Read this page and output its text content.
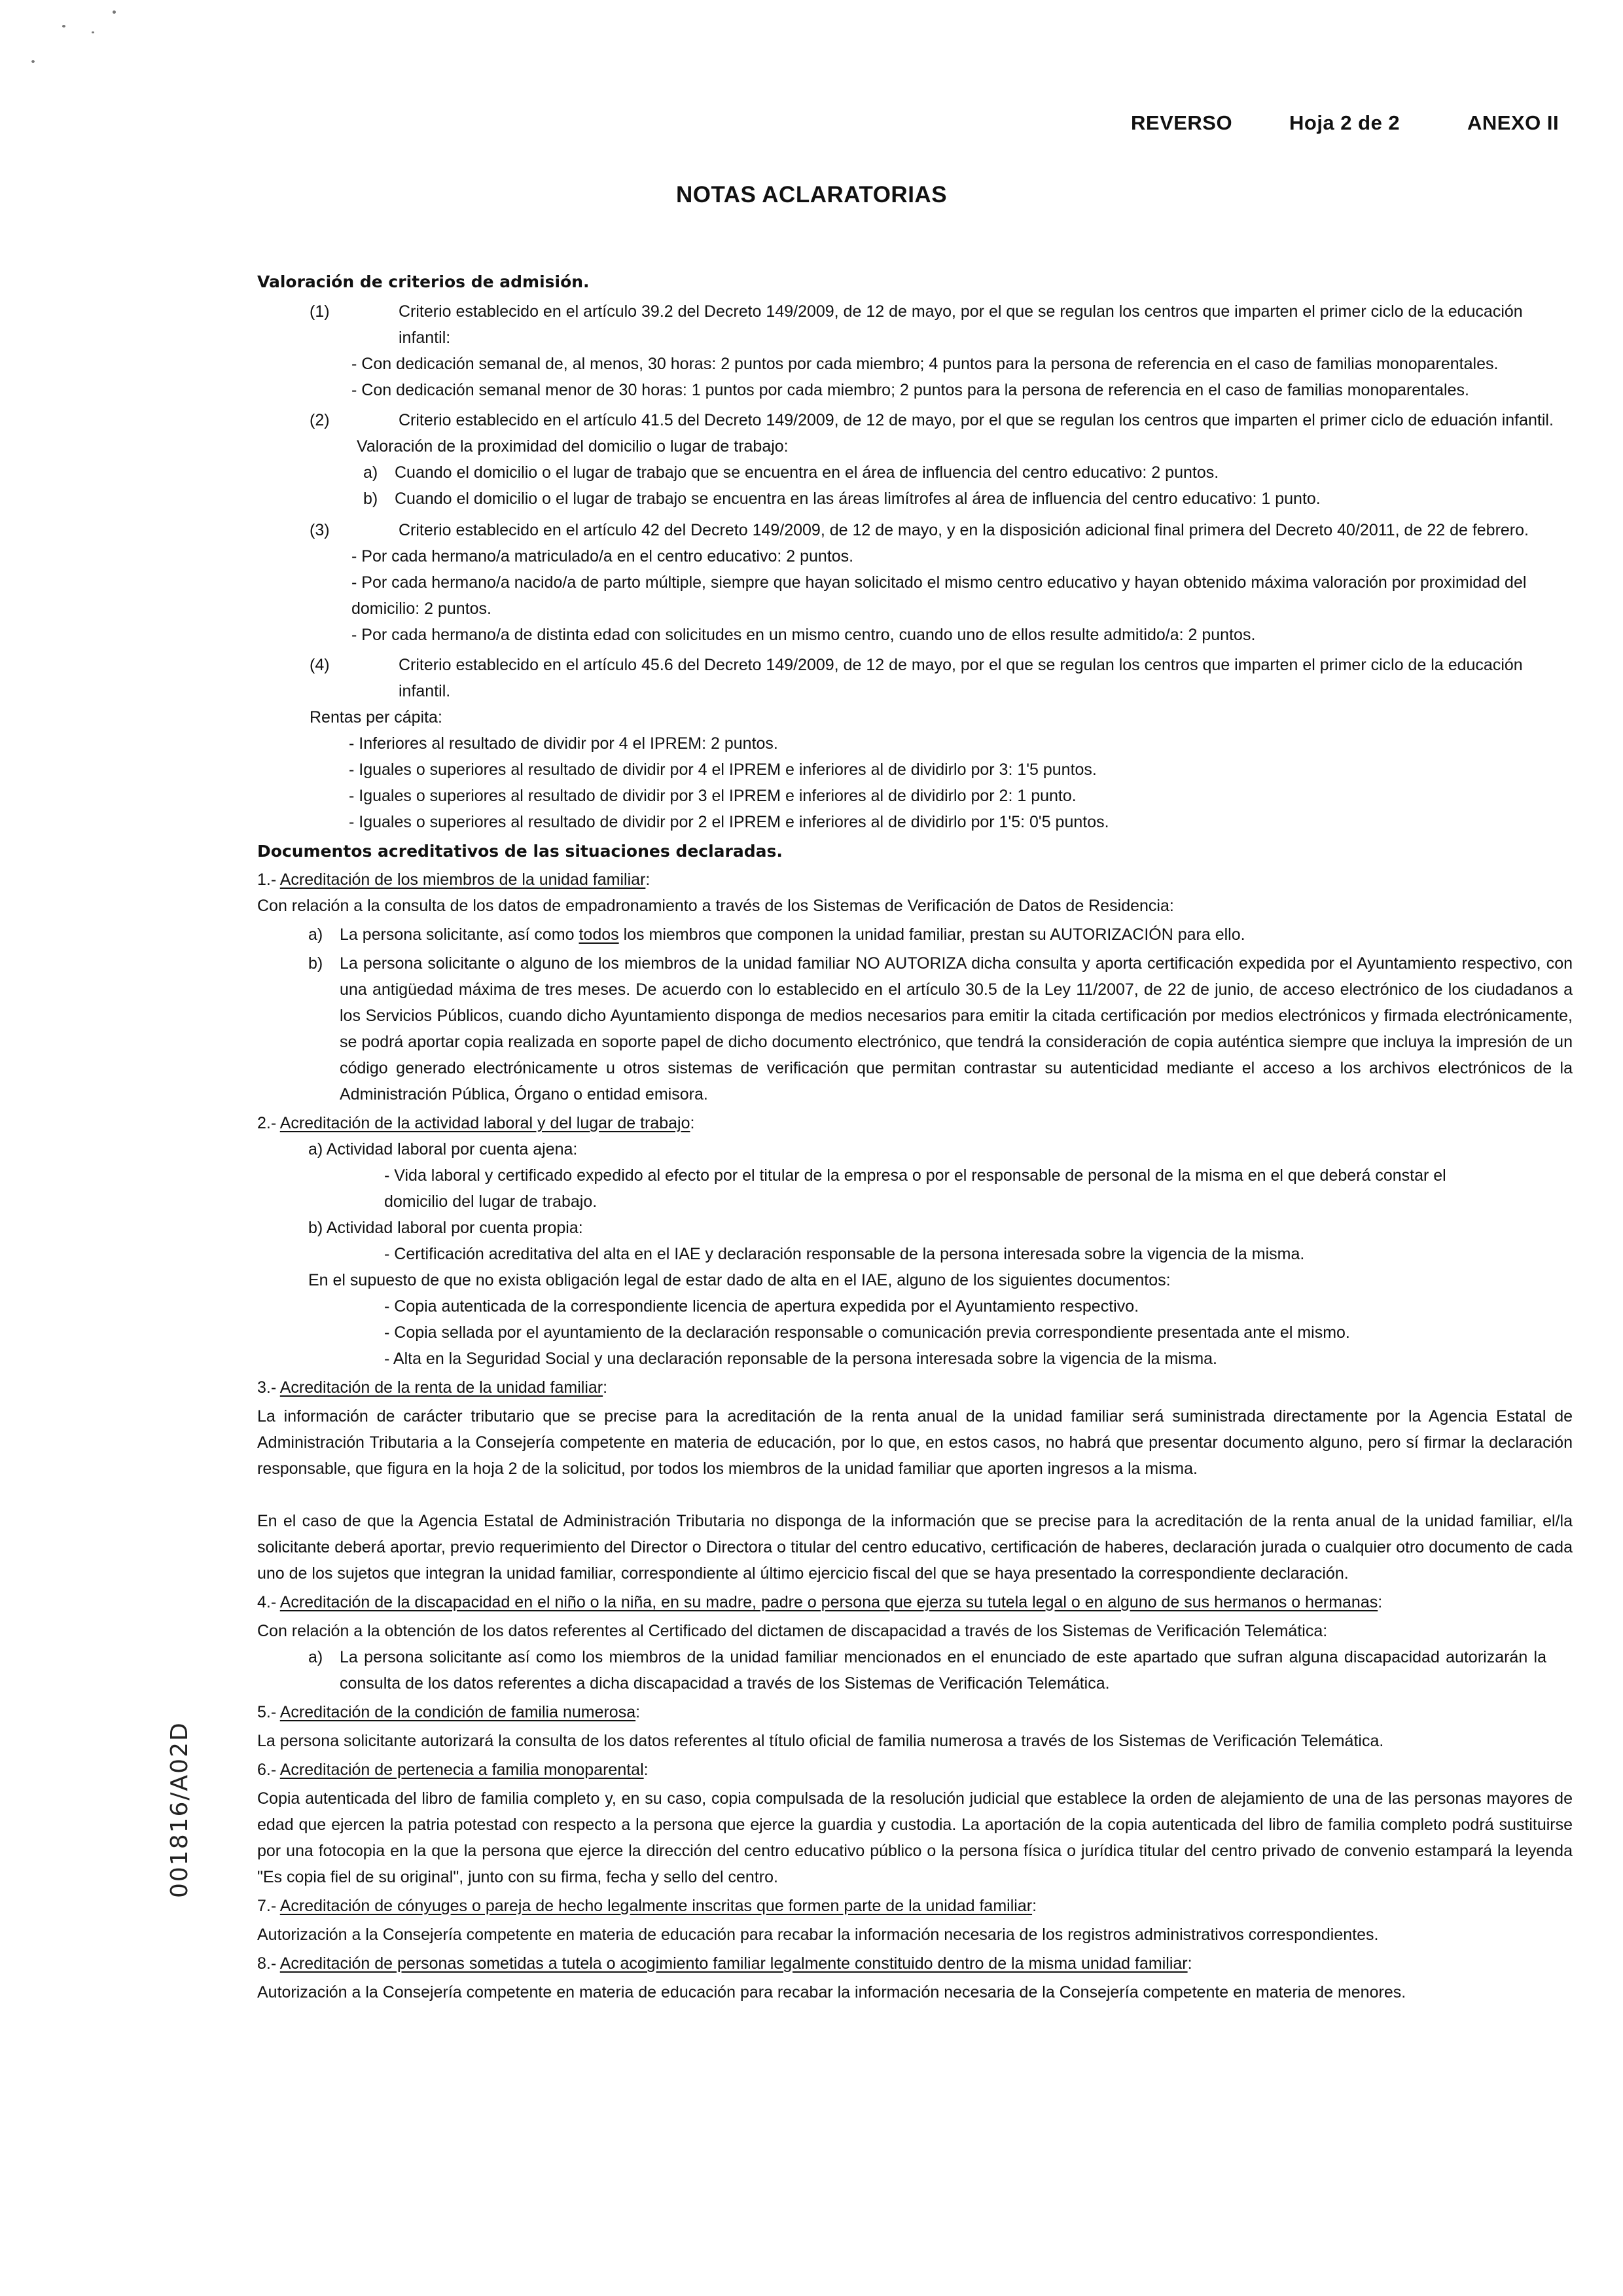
REVERSO	Hoja 2 de 2	ANEXO II
NOTAS ACLARATORIAS
001816/A02D
Valoración de criterios de admisión.
(1)	Criterio establecido en el artículo 39.2 del Decreto 149/2009, de 12 de mayo, por el que se regulan los centros que imparten el primer ciclo de la educación infantil:

- Con dedicación semanal de, al menos, 30 horas: 2 puntos por cada miembro; 4 puntos para la persona de referencia en el caso de familias monoparentales.

- Con dedicación semanal menor de 30 horas: 1 puntos por cada miembro; 2 puntos para la persona de referencia en el caso de familias monoparentales.

(2)	Criterio establecido en el artículo 41.5 del Decreto 149/2009, de 12 de mayo, por el que se regulan los centros que imparten el primer ciclo de eduación infantil.

Valoración de la proximidad del domicilio o lugar de trabajo:

a) Cuando el domicilio o el lugar de trabajo que se encuentra en el área de influencia del centro educativo: 2 puntos.
b) Cuando el domicilio o el lugar de trabajo se encuentra en las áreas limítrofes al área de influencia del centro educativo: 1 punto.
(3)	Criterio establecido en el artículo 42 del Decreto 149/2009, de 12 de mayo, y en la disposición adicional final primera del Decreto 40/2011, de 22 de febrero.

- Por cada hermano/a matriculado/a en el centro educativo: 2 puntos.

- Por cada hermano/a nacido/a de parto múltiple, siempre que hayan solicitado el mismo centro educativo y hayan obtenido máxima valoración por proximidad del domicilio: 2 puntos.

- Por cada hermano/a de distinta edad con solicitudes en un mismo centro, cuando uno de ellos resulte admitido/a: 2 puntos.

(4)	Criterio establecido en el artículo 45.6 del Decreto 149/2009, de 12 de mayo, por el que se regulan los centros que imparten el primer ciclo de la educación infantil.

Rentas per cápita:

- Inferiores al resultado de dividir por 4 el IPREM: 2 puntos.

- Iguales o superiores al resultado de dividir por 4 el IPREM e inferiores al de dividirlo por 3: 1'5 puntos.

- Iguales o superiores al resultado de dividir por 3 el IPREM e inferiores al de dividirlo por 2: 1 punto.

- Iguales o superiores al resultado de dividir por 2 el IPREM e inferiores al de dividirlo por 1'5: 0'5 puntos.

Documentos acreditativos de las situaciones declaradas.

1.- Acreditación de los miembros de la unidad familiar:

Con relación a la consulta de los datos de empadronamiento a través de los Sistemas de Verificación de Datos de Residencia:

a) La persona solicitante, así como todos los miembros que componen la unidad familiar, prestan su AUTORIZACIÓN para ello.
b) La persona solicitante o alguno de los miembros de la unidad familiar NO AUTORIZA dicha consulta y aporta certificación expedida por el Ayuntamiento respectivo, con una antigüedad máxima de tres meses. De acuerdo con lo establecido en el artículo 30.5 de la Ley 11/2007, de 22 de junio, de acceso electrónico de los ciudadanos a los Servicios Públicos, cuando dicho Ayuntamiento disponga de medios necesarios para emitir la citada certificación por medios electrónicos y firmada electrónicamente, se podrá aportar copia realizada en soporte papel de dicho documento electrónico, que tendrá la consideración de copia auténtica siempre que incluya la impresión de un código generado electrónicamente u otros sistemas de verificación que permitan contrastar su autenticidad mediante el acceso a los archivos electrónicos de la Administración Pública, Órgano o entidad emisora.

2.- Acreditación de la actividad laboral y del lugar de trabajo:

a) Actividad laboral por cuenta ajena:

- Vida laboral y certificado expedido al efecto por el titular de la empresa o por el responsable de personal de la misma en el que deberá constar el domicilio del lugar de trabajo.

b) Actividad laboral por cuenta propia:

- Certificación acreditativa del alta en el IAE y declaración responsable de la persona interesada sobre la vigencia de la misma.

En el supuesto de que no exista obligación legal de estar dado de alta en el IAE, alguno de los siguientes documentos:

- Copia autenticada de la correspondiente licencia de apertura expedida por el Ayuntamiento respectivo.

- Copia sellada por el ayuntamiento de la declaración responsable o comunicación previa correspondiente presentada ante el mismo.

- Alta en la Seguridad Social y una declaración reponsable de la persona interesada sobre la vigencia de la misma.

3.- Acreditación de la renta de la unidad familiar:

La información de carácter tributario que se precise para la acreditación de la renta anual de la unidad familiar será suministrada directamente por la Agencia Estatal de Administración Tributaria a la Consejería competente en materia de educación, por lo que, en estos casos, no habrá que presentar documento alguno, pero sí firmar la declaración responsable, que figura en la hoja 2 de la solicitud, por todos los miembros de la unidad familiar que aporten ingresos a la misma.

En el caso de que la Agencia Estatal de Administración Tributaria no disponga de la información que se precise para la acreditación de la renta anual de la unidad familiar, el/la solicitante deberá aportar, previo requerimiento del Director o Directora o titular del centro educativo, certificación de haberes, declaración jurada o cualquier otro documento de cada uno de los sujetos que integran la unidad familiar, correspondiente al último ejercicio fiscal del que se haya presentado la correspondiente declaración.

4.- Acreditación de la discapacidad en el niño o la niña, en su madre, padre o persona que ejerza su tutela legal o en alguno de sus hermanos o hermanas:

Con relación a la obtención de los datos referentes al Certificado del dictamen de discapacidad a través de los Sistemas de Verificación Telemática:

a) La persona solicitante así como los miembros de la unidad familiar mencionados en el enunciado de este apartado que sufran alguna discapacidad autorizarán la consulta de los datos referentes a dicha discapacidad a través de los Sistemas de Verificación Telemática.

5.- Acreditación de la condición de familia numerosa:

La persona solicitante autorizará la consulta de los datos referentes al título oficial de familia numerosa a través de los Sistemas de Verificación Telemática.

6.- Acreditación de pertenecia a familia monoparental:

Copia autenticada del libro de familia completo y, en su caso, copia compulsada de la resolución judicial que establece la orden de alejamiento de una de las personas mayores de edad que ejercen la patria potestad con respecto a la persona que ejerce la guardia y custodia. La aportación de la copia autenticada del libro de familia completo podrá sustituirse por una fotocopia en la que la persona que ejerce la dirección del centro educativo público o la persona física o jurídica titular del centro privado de convenio estampará la leyenda "Es copia fiel de su original", junto con su firma, fecha y sello del centro.

7.- Acreditación de cónyuges o pareja de hecho legalmente inscritas que formen parte de la unidad familiar:

Autorización a la Consejería competente en materia de educación para recabar la información necesaria de los registros administrativos correspondientes.

8.- Acreditación de personas sometidas a tutela o acogimiento familiar legalmente constituido dentro de la misma unidad familiar:

Autorización a la Consejería competente en materia de educación para recabar la información necesaria de la Consejería competente en materia de menores.
